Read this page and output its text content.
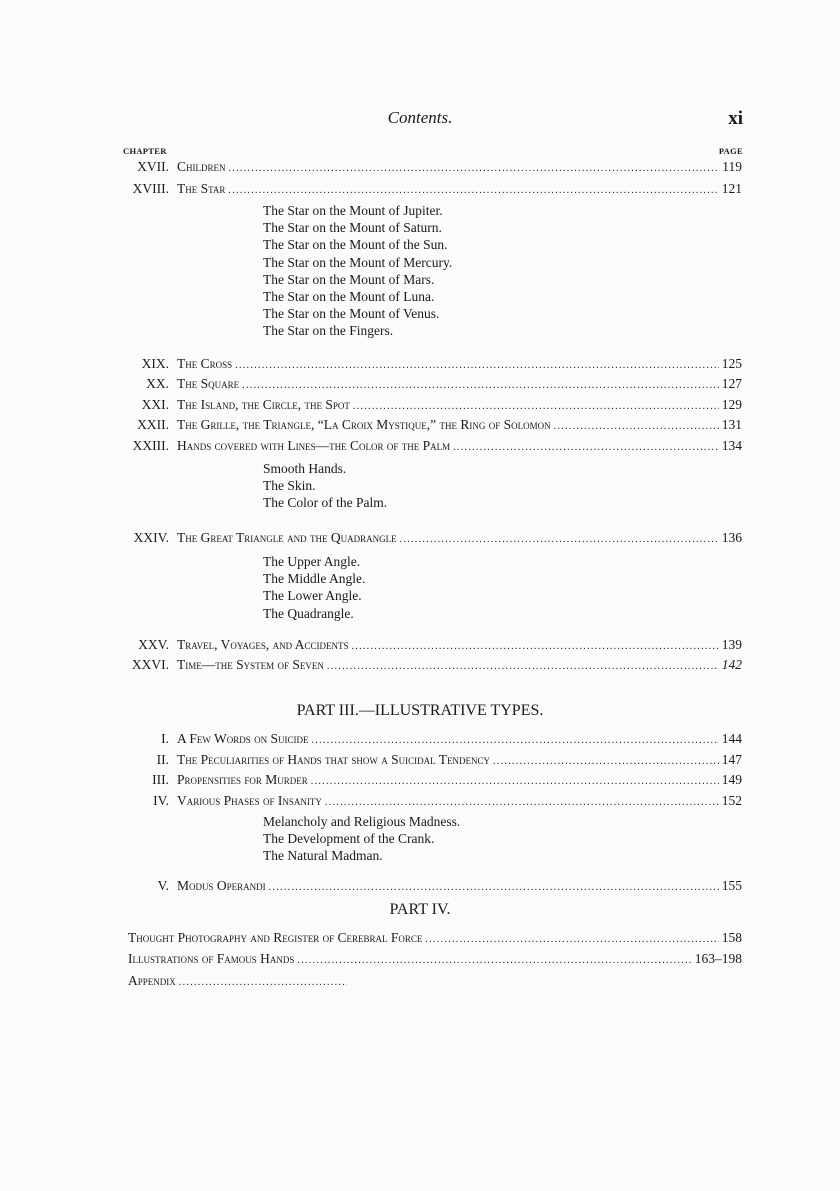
Contents.	xi
CHAPTER	PAGE
XVII. Children . . .	119
XVIII. The Star . . .	121
The Star on the Mount of Jupiter.
The Star on the Mount of Saturn.
The Star on the Mount of the Sun.
The Star on the Mount of Mercury.
The Star on the Mount of Mars.
The Star on the Mount of Luna.
The Star on the Mount of Venus.
The Star on the Fingers.
XIX. The Cross . . .	125
XX. The Square . . .	127
XXI. The Island, the Circle, the Spot . . .	129
XXII. The Grille, the Triangle, “La Croix Mystique,” the Ring of Solomon . . .	131
XXIII. Hands covered with Lines—the Color of the Palm . . .	134
Smooth Hands.
The Skin.
The Color of the Palm.
XXIV. The Great Triangle and the Quadrangle . . .	136
The Upper Angle.
The Middle Angle.
The Lower Angle.
The Quadrangle.
XXV. Travel, Voyages, and Accidents . . .	139
XXVI. Time—the System of Seven . . .	142
PART III.—ILLUSTRATIVE TYPES.
I. A Few Words on Suicide . . .	144
II. The Peculiarities of Hands that show a Suicidal Tendency . . .	147
III. Propensities for Murder . . .	149
IV. Various Phases of Insanity . . .	152
Melancholy and Religious Madness.
The Development of the Crank.
The Natural Madman.
V. Modus Operandi . . .	155
PART IV.
Thought Photography and Register of Cerebral Force . . .	158
Illustrations of Famous Hands . . .	163–198
Appendix
. . .
